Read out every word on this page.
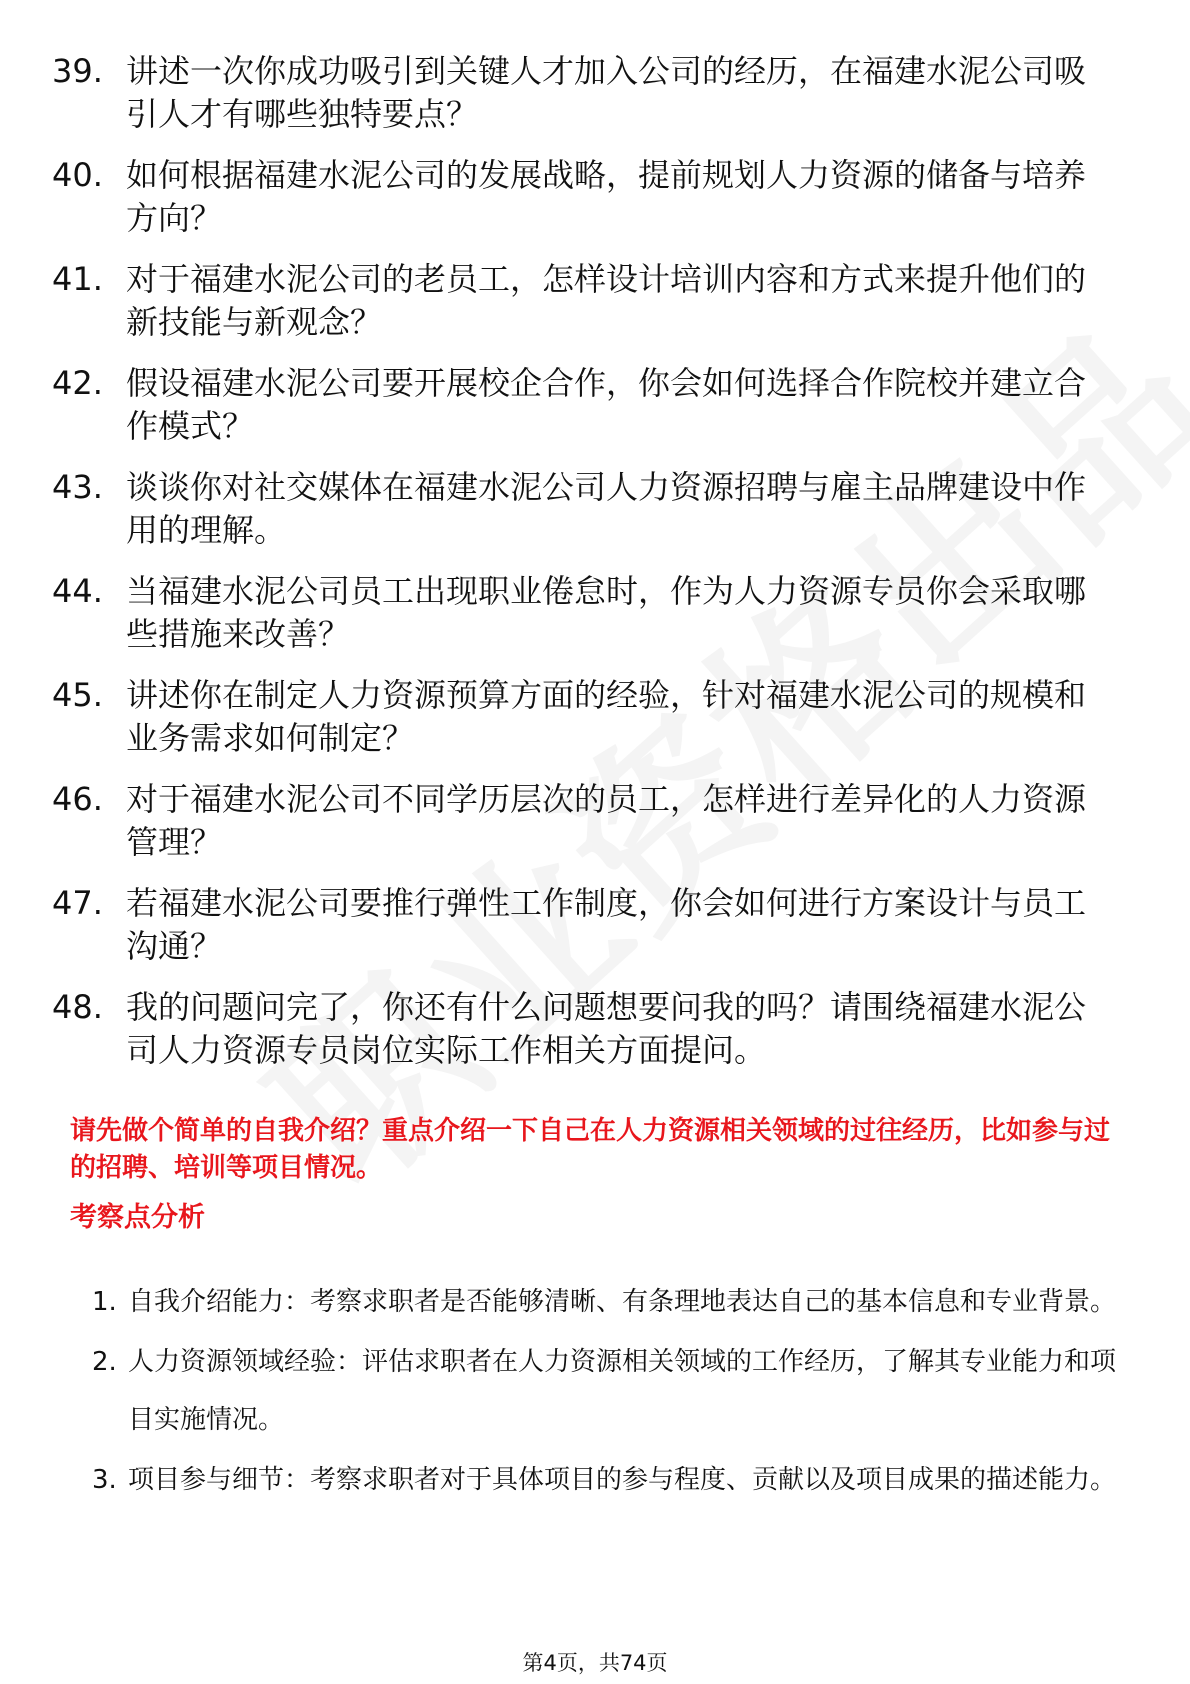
39. 讲述一次你成功吸引到关键人才加入公司的经历，在福建水泥公司吸引人才有哪些独特要点？
40. 如何根据福建水泥公司的发展战略，提前规划人力资源的储备与培养方向？
41. 对于福建水泥公司的老员工，怎样设计培训内容和方式来提升他们的新技能与新观念？
42. 假设福建水泥公司要开展校企合作，你会如何选择合作院校并建立合作模式？
43. 谈谈你对社交媒体在福建水泥公司人力资源招聘与雇主品牌建设中作用的理解。
44. 当福建水泥公司员工出现职业倦怠时，作为人力资源专员你会采取哪些措施来改善？
45. 讲述你在制定人力资源预算方面的经验，针对福建水泥公司的规模和业务需求如何制定？
46. 对于福建水泥公司不同学历层次的员工，怎样进行差异化的人力资源管理？
47. 若福建水泥公司要推行弹性工作制度，你会如何进行方案设计与员工沟通？
48. 我的问题问完了，你还有什么问题想要问我的吗？请围绕福建水泥公司人力资源专员岗位实际工作相关方面提问。

请先做个简单的自我介绍？重点介绍一下自己在人力资源相关领域的过往经历，比如参与过的招聘、培训等项目情况。

考察点分析
1. 自我介绍能力：考察求职者是否能够清晰、有条理地表达自己的基本信息和专业背景。
2. 人力资源领域经验：评估求职者在人力资源相关领域的工作经历，了解其专业能力和项目实施情况。
3. 项目参与细节：考察求职者对于具体项目的参与程度、贡献以及项目成果的描述能力。
第4页，共74页
